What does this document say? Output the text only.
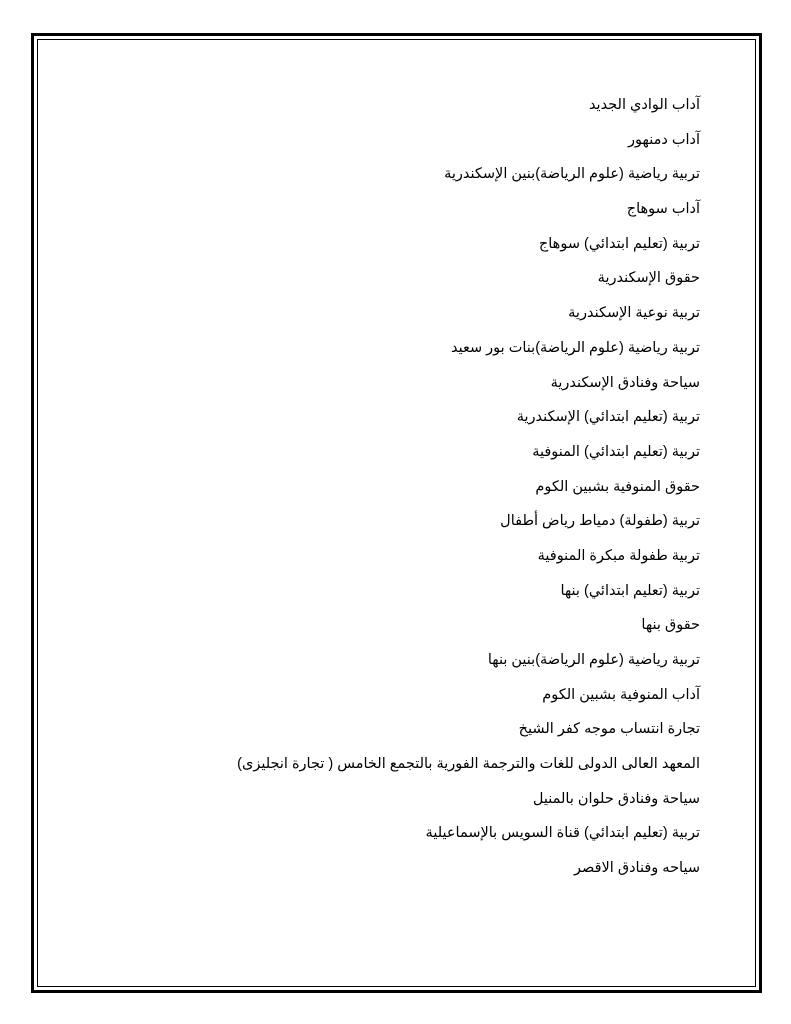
آداب الوادي الجديد
آداب دمنهور
تربية رياضية (علوم الرياضة)بنين الإسكندرية
آداب سوهاج
تربية (تعليم ابتدائي) سوهاج
حقوق الإسكندرية
تربية نوعية الإسكندرية
تربية رياضية (علوم الرياضة)بنات بور سعيد
سياحة وفنادق الإسكندرية
تربية (تعليم ابتدائي) الإسكندرية
تربية (تعليم ابتدائي) المنوفية
حقوق المنوفية بشبين الكوم
تربية (طفولة) دمياط رياض أطفال
تربية طفولة مبكرة المنوفية
تربية (تعليم ابتدائي) بنها
حقوق بنها
تربية رياضية (علوم الرياضة)بنين بنها
آداب المنوفية بشبين الكوم
تجارة انتساب موجه كفر الشيخ
المعهد العالى الدولى للغات والترجمة الفورية بالتجمع الخامس ( تجارة انجليزى)
سياحة وفنادق حلوان بالمنيل
تربية (تعليم ابتدائي) قناة السويس بالإسماعيلية
سياحه وفنادق الاقصر
